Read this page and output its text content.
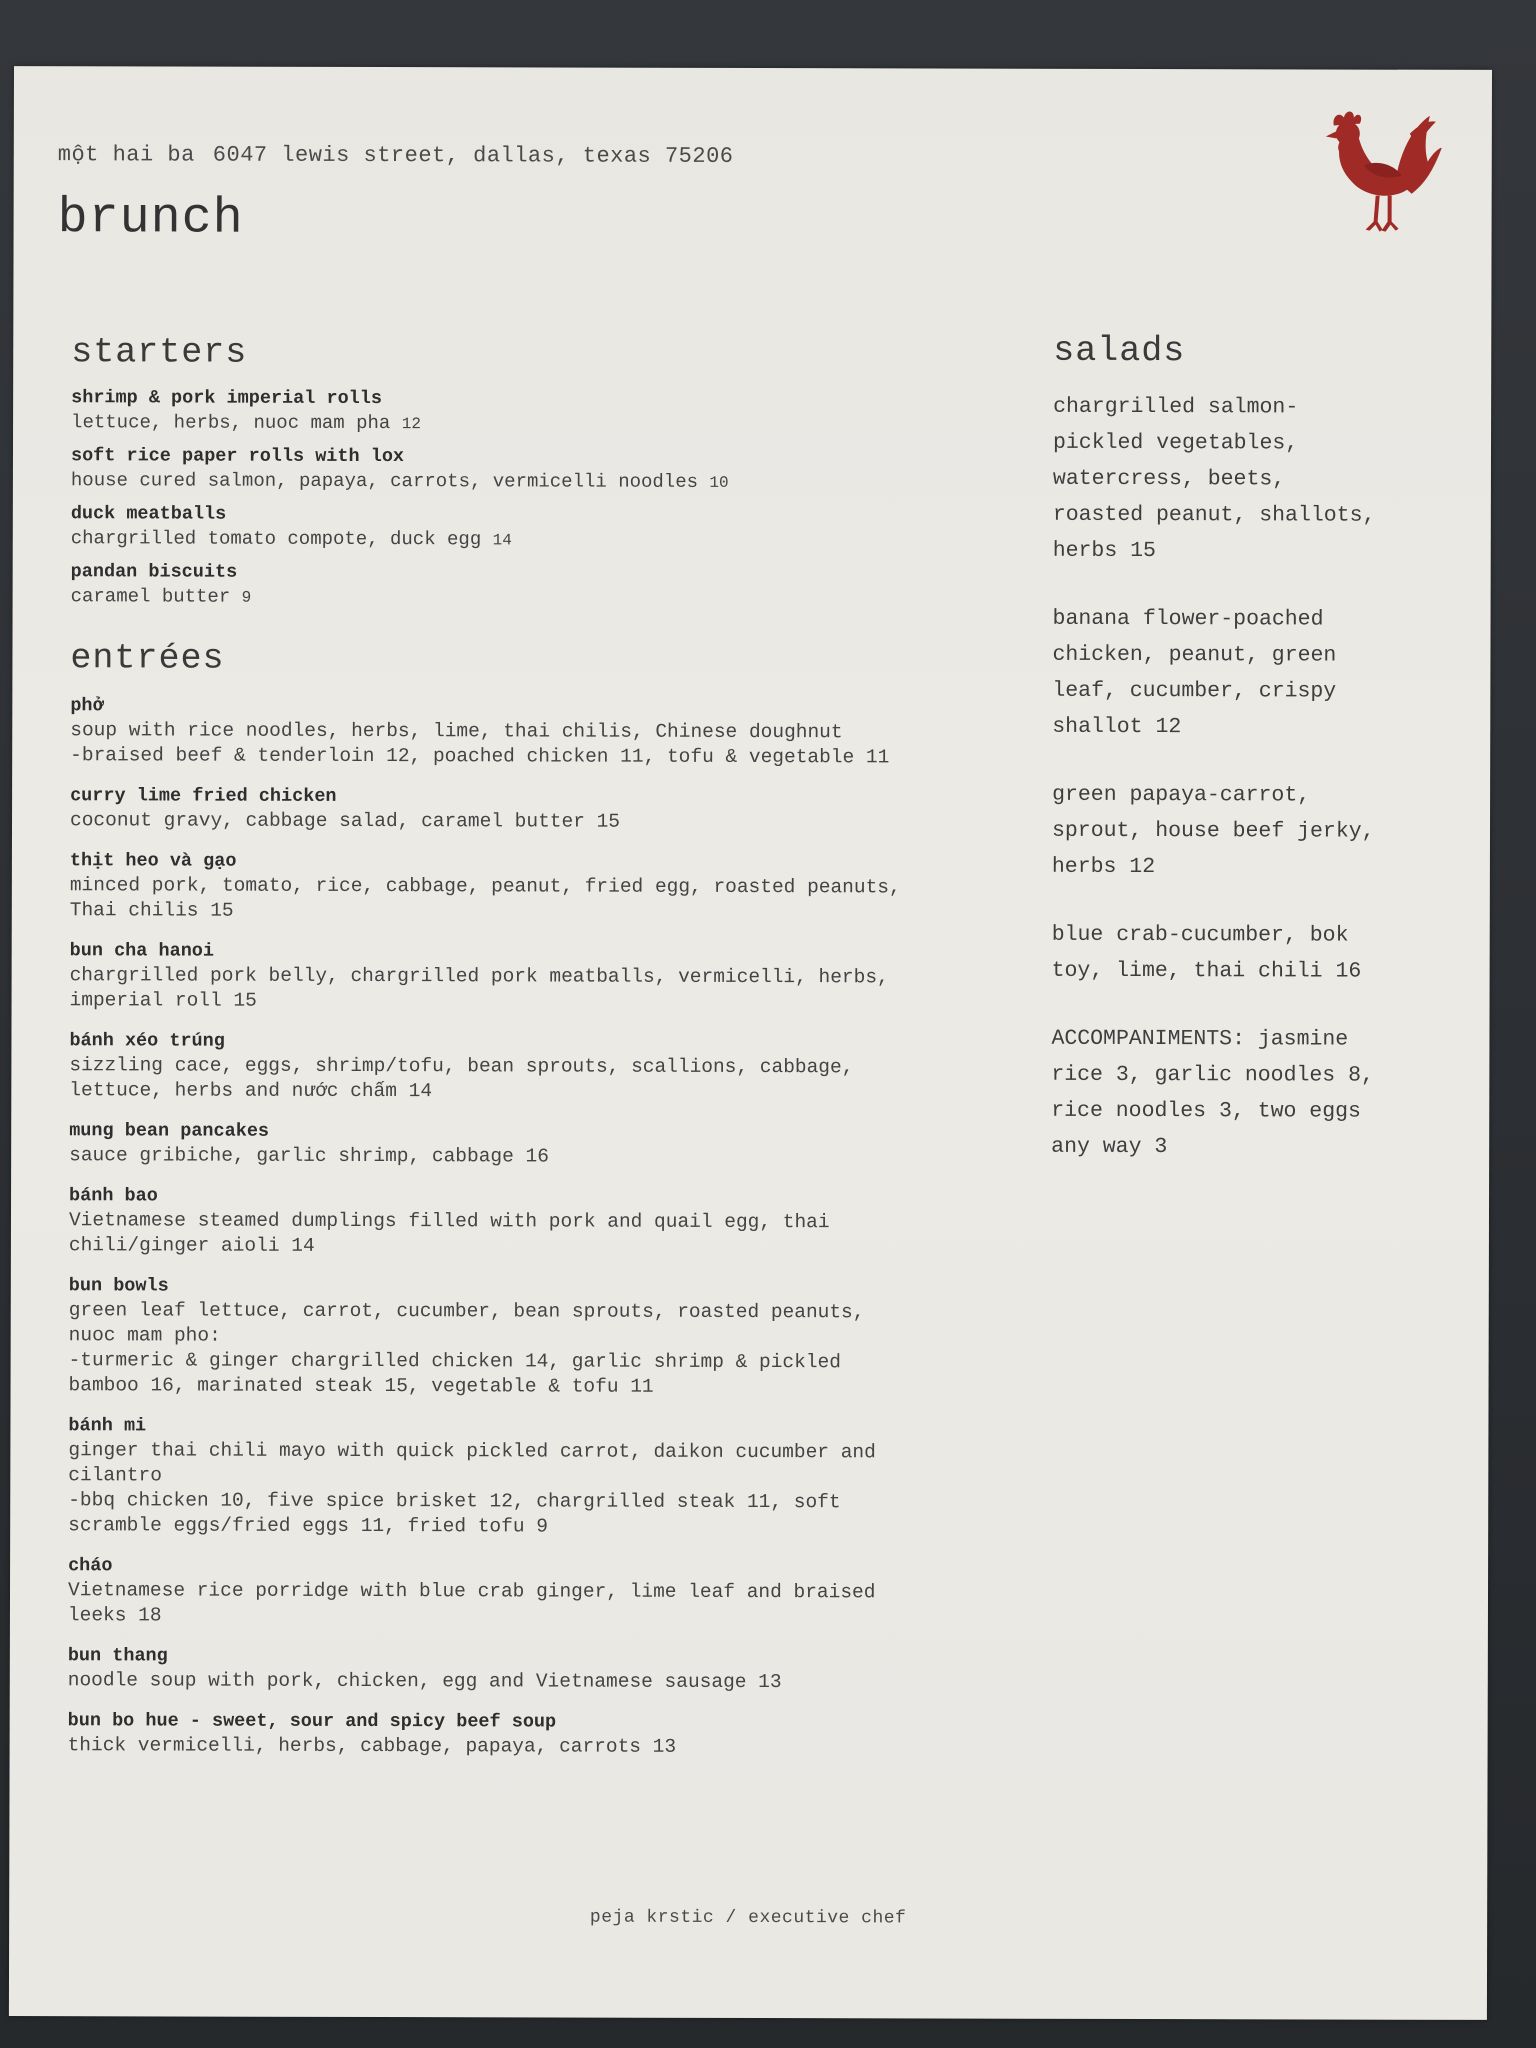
một hai ba 6047 lewis street, dallas, texas 75206
brunch
starters
shrimp & pork imperial rolls
lettuce, herbs, nuoc mam pha 12
soft rice paper rolls with lox
house cured salmon, papaya, carrots, vermicelli noodles 10
duck meatballs
chargrilled tomato compote, duck egg 14
pandan biscuits
caramel butter 9
entrées
phở
soup with rice noodles, herbs, lime, thai chilis, Chinese doughnut
-braised beef & tenderloin 12, poached chicken 11, tofu & vegetable 11
curry lime fried chicken
coconut gravy, cabbage salad, caramel butter 15
thịt heo và gạo
minced pork, tomato, rice, cabbage, peanut, fried egg, roasted peanuts,
Thai chilis 15
bun cha hanoi
chargrilled pork belly, chargrilled pork meatballs, vermicelli, herbs,
imperial roll 15
bánh xéo trúng
sizzling cace, eggs, shrimp/tofu, bean sprouts, scallions, cabbage,
lettuce, herbs and nước chấm 14
mung bean pancakes
sauce gribiche, garlic shrimp, cabbage 16
bánh bao
Vietnamese steamed dumplings filled with pork and quail egg, thai
chili/ginger aioli 14
bun bowls
green leaf lettuce, carrot, cucumber, bean sprouts, roasted peanuts,
nuoc mam pho:
-turmeric & ginger chargrilled chicken 14, garlic shrimp & pickled
bamboo 16, marinated steak 15, vegetable & tofu 11
bánh mi
ginger thai chili mayo with quick pickled carrot, daikon cucumber and
cilantro
-bbq chicken 10, five spice brisket 12, chargrilled steak 11, soft
scramble eggs/fried eggs 11, fried tofu 9
cháo
Vietnamese rice porridge with blue crab ginger, lime leaf and braised
leeks 18
bun thang
noodle soup with pork, chicken, egg and Vietnamese sausage 13
bun bo hue - sweet, sour and spicy beef soup
thick vermicelli, herbs, cabbage, papaya, carrots 13
salads
chargrilled salmon-
pickled vegetables,
watercress, beets,
roasted peanut, shallots,
herbs 15
banana flower-poached
chicken, peanut, green
leaf, cucumber, crispy
shallot 12
green papaya-carrot,
sprout, house beef jerky,
herbs 12
blue crab-cucumber, bok
toy, lime, thai chili 16
ACCOMPANIMENTS: jasmine
rice 3, garlic noodles 8,
rice noodles 3, two eggs
any way 3
peja krstic / executive chef
